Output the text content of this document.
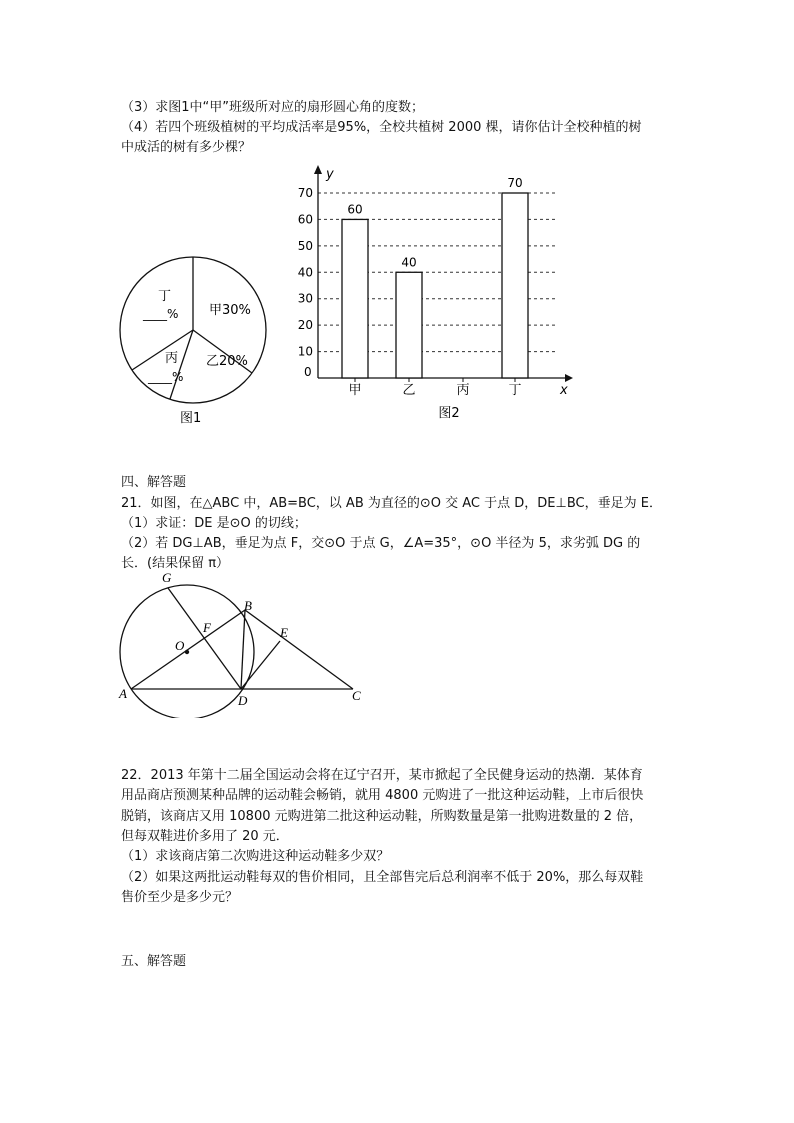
（3）求图1中“甲”班级所对应的扇形圆心角的度数；
（4）若四个班级植树的平均成活率是95%，全校共植树 2000 棵，请你估计全校种植的树
中成活的树有多少棵？
甲30%
乙20%
丁
____%
丙
____%
图1
10
20
30
40
50
60
70
y
x
0
60
甲
40
乙	丙
70
丁
图2
四、解答题
21．如图，在△ABC 中，AB=BC，以 AB 为直径的⊙O 交 AC 于点 D，DE⊥BC，垂足为 E．
（1）求证：DE 是⊙O 的切线；
（2）若 DG⊥AB，垂足为点 F，交⊙O 于点 G，∠A=35°，⊙O 半径为 5，求劣弧 DG 的
长．(结果保留 π）
G
B
F	E
O
A	D	C
22．2013 年第十二届全国运动会将在辽宁召开，某市掀起了全民健身运动的热潮．某体育
用品商店预测某种品牌的运动鞋会畅销，就用 4800 元购进了一批这种运动鞋，上市后很快
脱销，该商店又用 10800 元购进第二批这种运动鞋，所购数量是第一批购进数量的 2 倍，
但每双鞋进价多用了 20 元．
（1）求该商店第二次购进这种运动鞋多少双？
（2）如果这两批运动鞋每双的售价相同，且全部售完后总利润率不低于 20%，那么每双鞋
售价至少是多少元？
五、解答题
